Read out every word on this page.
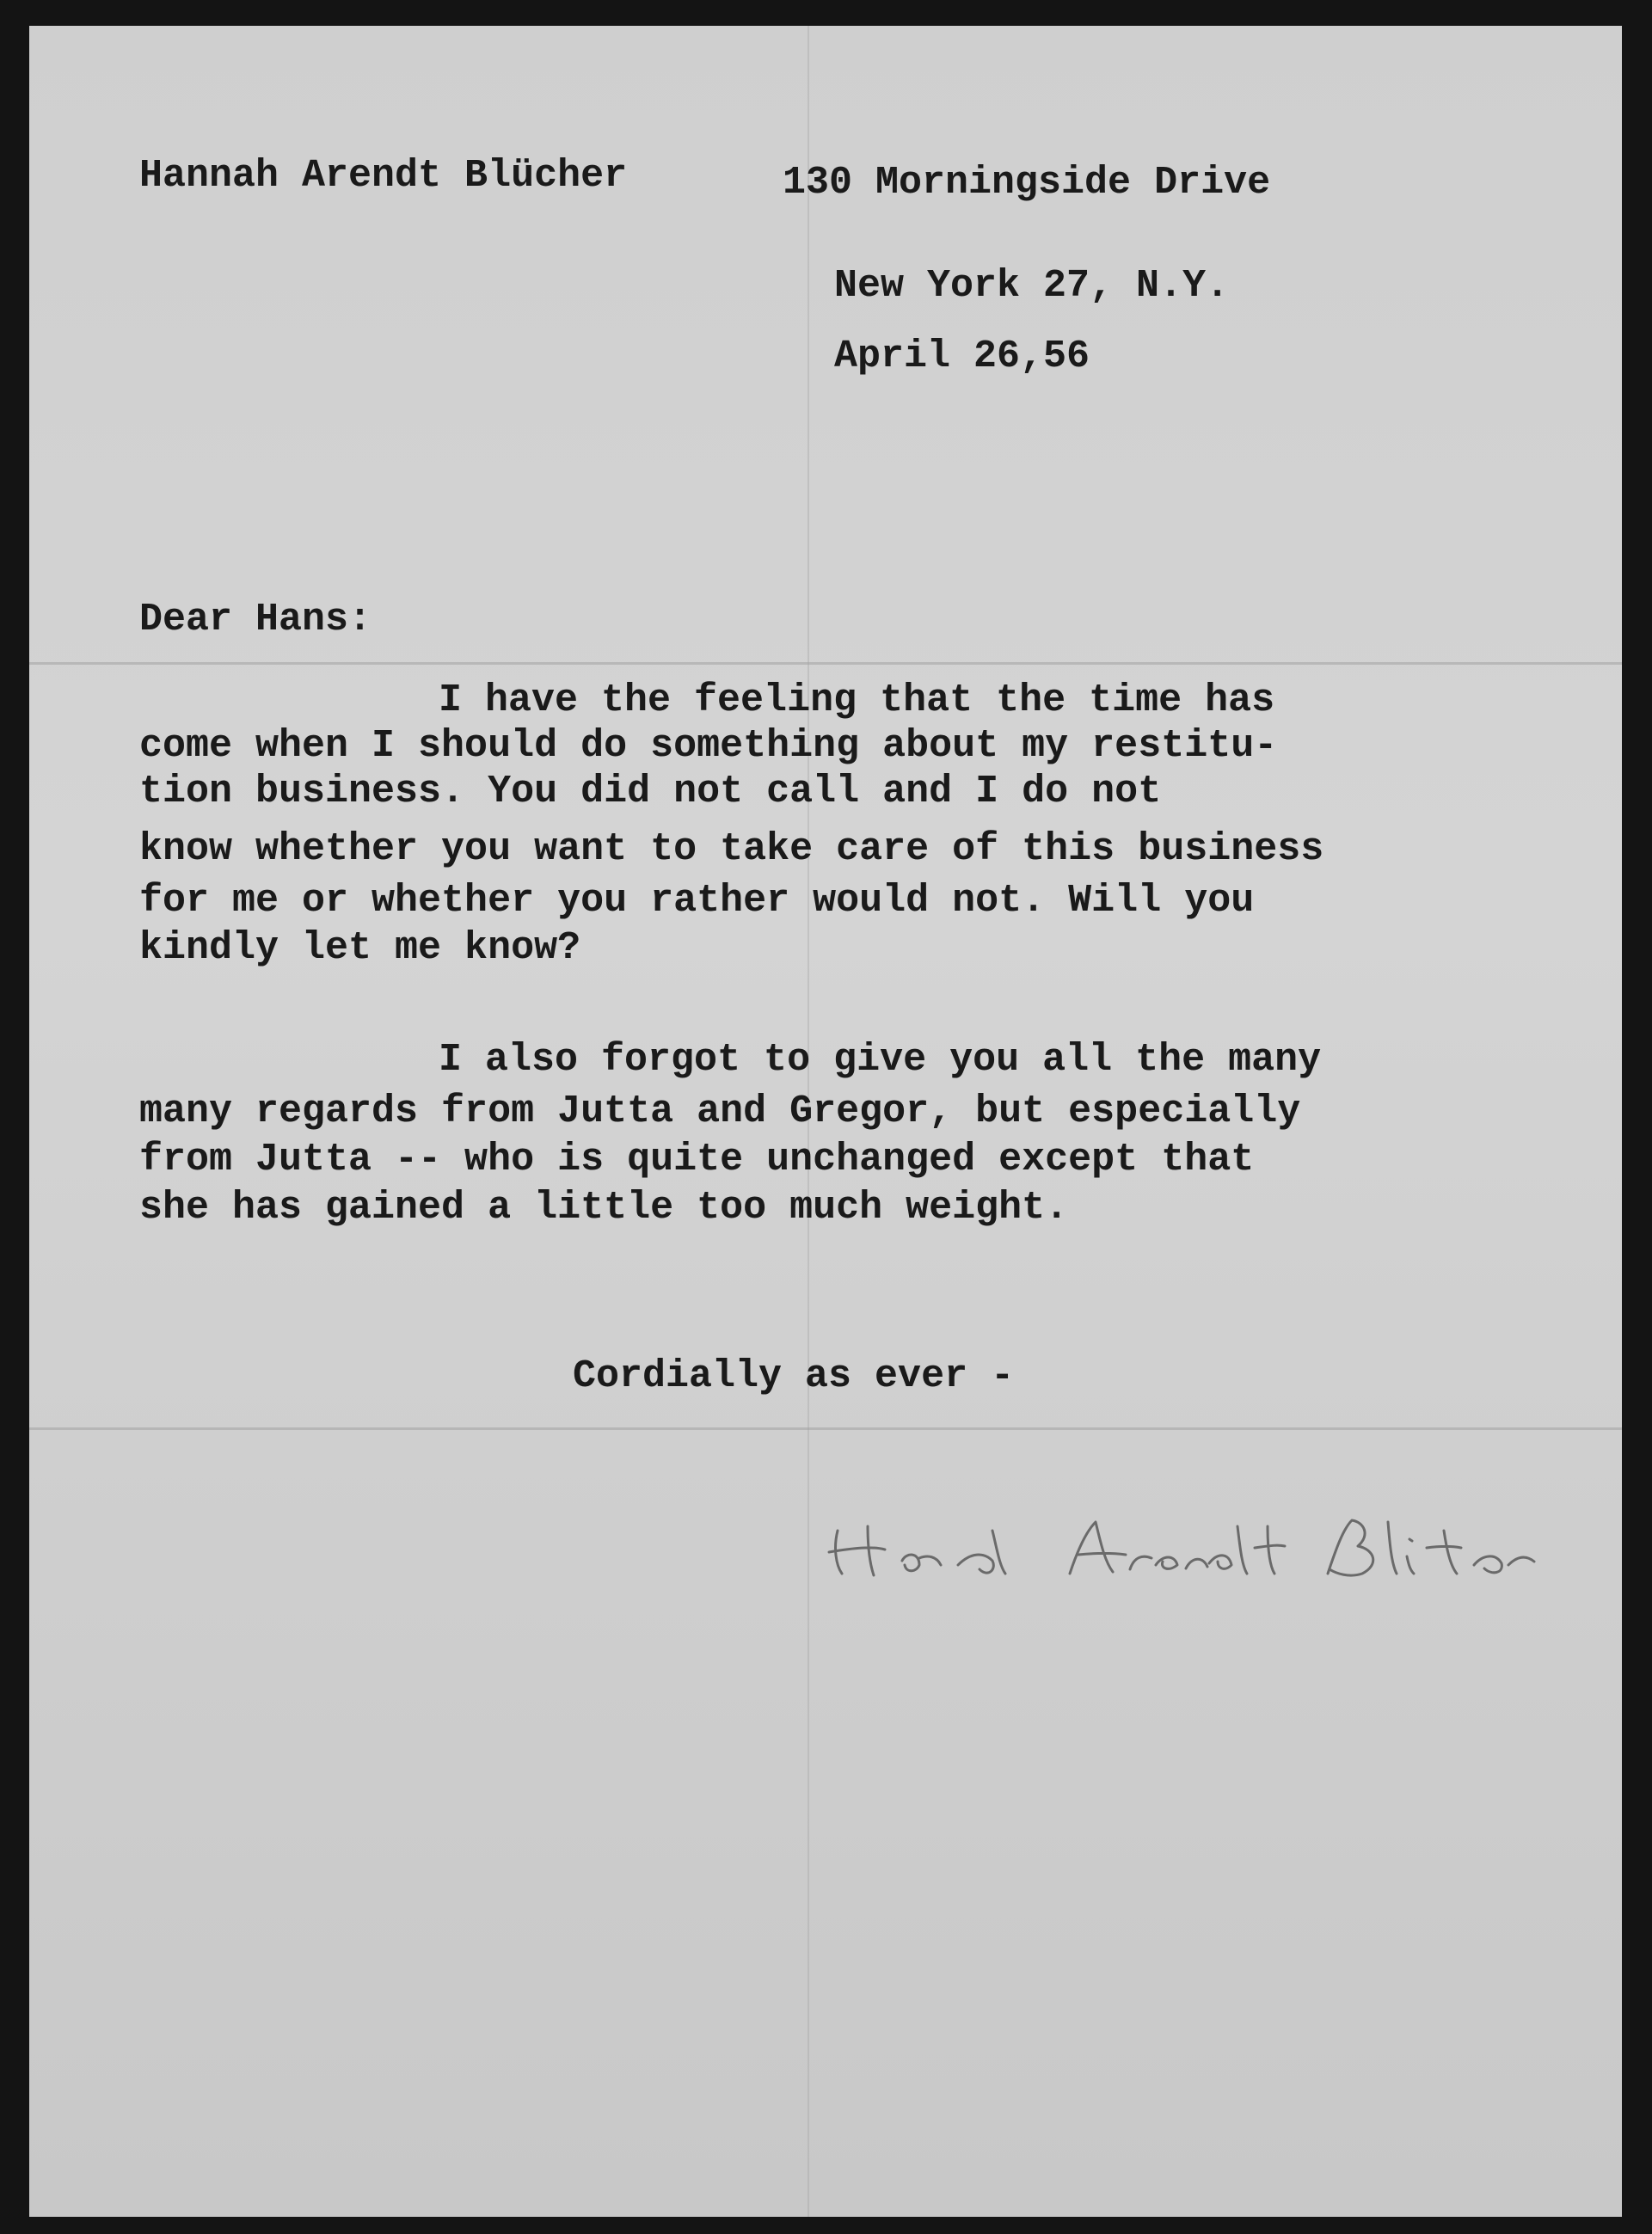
Hannah Arendt Blücher	130 Morningside Drive
New York 27, N.Y.
April 26,56
Dear Hans:
I have the feeling that the time has
come when I should do something about my restitu-
tion business. You did not call and I do not
know whether you want to take care of this business
for me or whether you rather would not. Will you
kindly let me know?
I also forgot to give you all the many
many regards from Jutta and Gregor, but especially
from Jutta -- who is quite unchanged except that
she has gained a little too much weight.
Cordially as ever -
